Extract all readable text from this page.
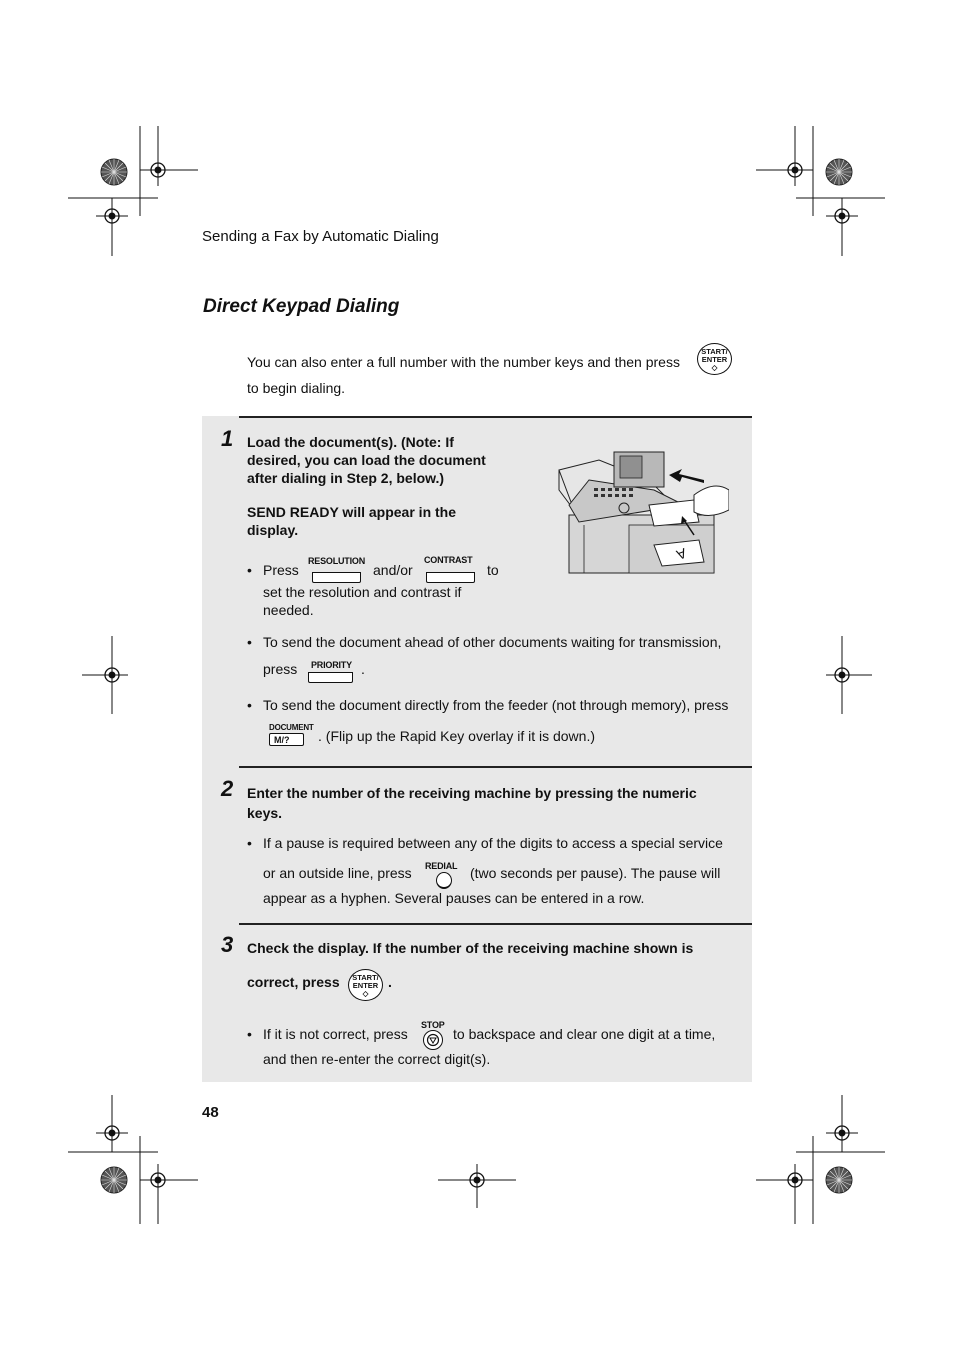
Sending a Fax by Automatic Dialing
Direct Keypad Dialing
You can also enter a full number with the number keys and then press
to begin dialing.
START/
ENTER
◇
1 Load the document(s). (Note: If
desired, you can load the document
after dialing in Step 2, below.)
SEND READY will appear in the
display.
A
• Press
RESOLUTION
and/or
CONTRAST
to
set the resolution and contrast if
needed.
• To send the document ahead of other documents waiting for transmission,
press PRIORITY .
• To send the document directly from the feeder (not through memory), press
DOCUMENT
M/?	. (Flip up the Rapid Key overlay if it is down.)
2 Enter the number of the receiving machine by pressing the numeric
keys.
• If a pause is required between any of the digits to access a special service
or an outside line, press REDIAL (two seconds per pause). The pause will
appear as a hyphen. Several pauses can be entered in a row.
3 Check the display. If the number of the receiving machine shown is
correct, press	START/
ENTER
◇
.
• If it is not correct, press
STOP
to backspace and clear one digit at a time,
and then re-enter the correct digit(s).
48
